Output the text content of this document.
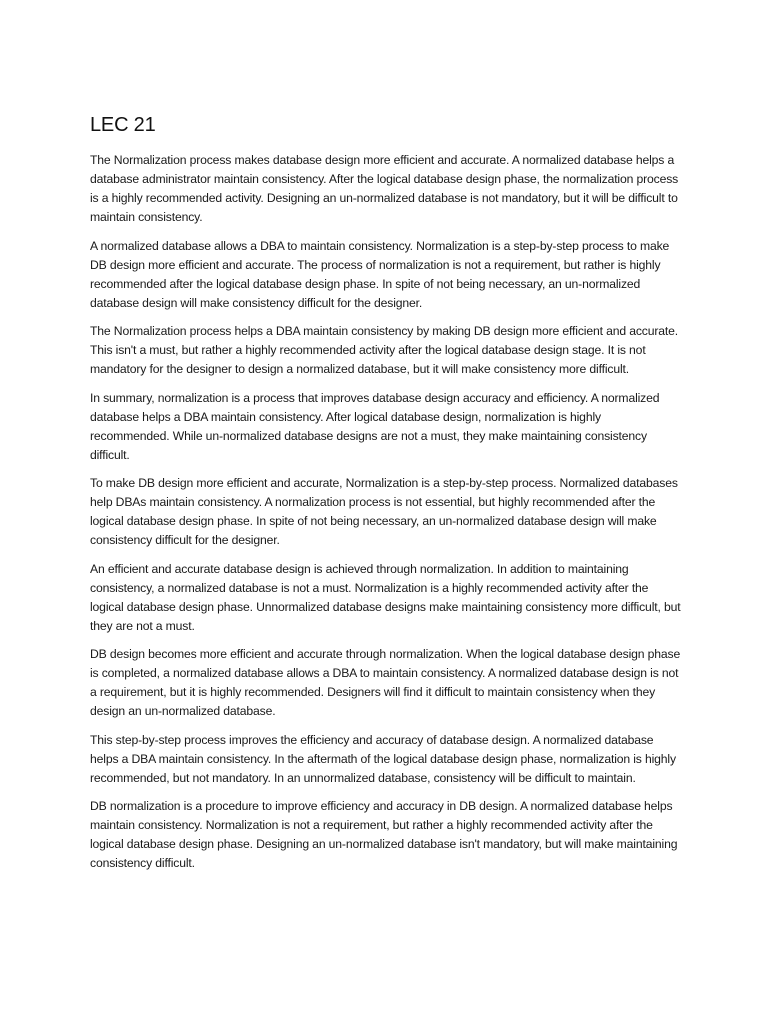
LEC 21

The Normalization process makes database design more efficient and accurate. A normalized database helps a database administrator maintain consistency. After the logical database design phase, the normalization process is a highly recommended activity. Designing an un-normalized database is not mandatory, but it will be difficult to maintain consistency.

A normalized database allows a DBA to maintain consistency. Normalization is a step-by-step process to make DB design more efficient and accurate. The process of normalization is not a requirement, but rather is highly recommended after the logical database design phase. In spite of not being necessary, an un-normalized database design will make consistency difficult for the designer.

The Normalization process helps a DBA maintain consistency by making DB design more efficient and accurate. This isn't a must, but rather a highly recommended activity after the logical database design stage. It is not mandatory for the designer to design a normalized database, but it will make consistency more difficult.

In summary, normalization is a process that improves database design accuracy and efficiency. A normalized database helps a DBA maintain consistency. After logical database design, normalization is highly recommended. While un-normalized database designs are not a must, they make maintaining consistency difficult.

To make DB design more efficient and accurate, Normalization is a step-by-step process. Normalized databases help DBAs maintain consistency. A normalization process is not essential, but highly recommended after the logical database design phase. In spite of not being necessary, an un-normalized database design will make consistency difficult for the designer.

An efficient and accurate database design is achieved through normalization. In addition to maintaining consistency, a normalized database is not a must. Normalization is a highly recommended activity after the logical database design phase. Unnormalized database designs make maintaining consistency more difficult, but they are not a must.

DB design becomes more efficient and accurate through normalization. When the logical database design phase is completed, a normalized database allows a DBA to maintain consistency. A normalized database design is not a requirement, but it is highly recommended. Designers will find it difficult to maintain consistency when they design an un-normalized database.

This step-by-step process improves the efficiency and accuracy of database design. A normalized database helps a DBA maintain consistency. In the aftermath of the logical database design phase, normalization is highly recommended, but not mandatory. In an unnormalized database, consistency will be difficult to maintain.

DB normalization is a procedure to improve efficiency and accuracy in DB design. A normalized database helps maintain consistency. Normalization is not a requirement, but rather a highly recommended activity after the logical database design phase. Designing an un-normalized database isn't mandatory, but will make maintaining consistency difficult.
